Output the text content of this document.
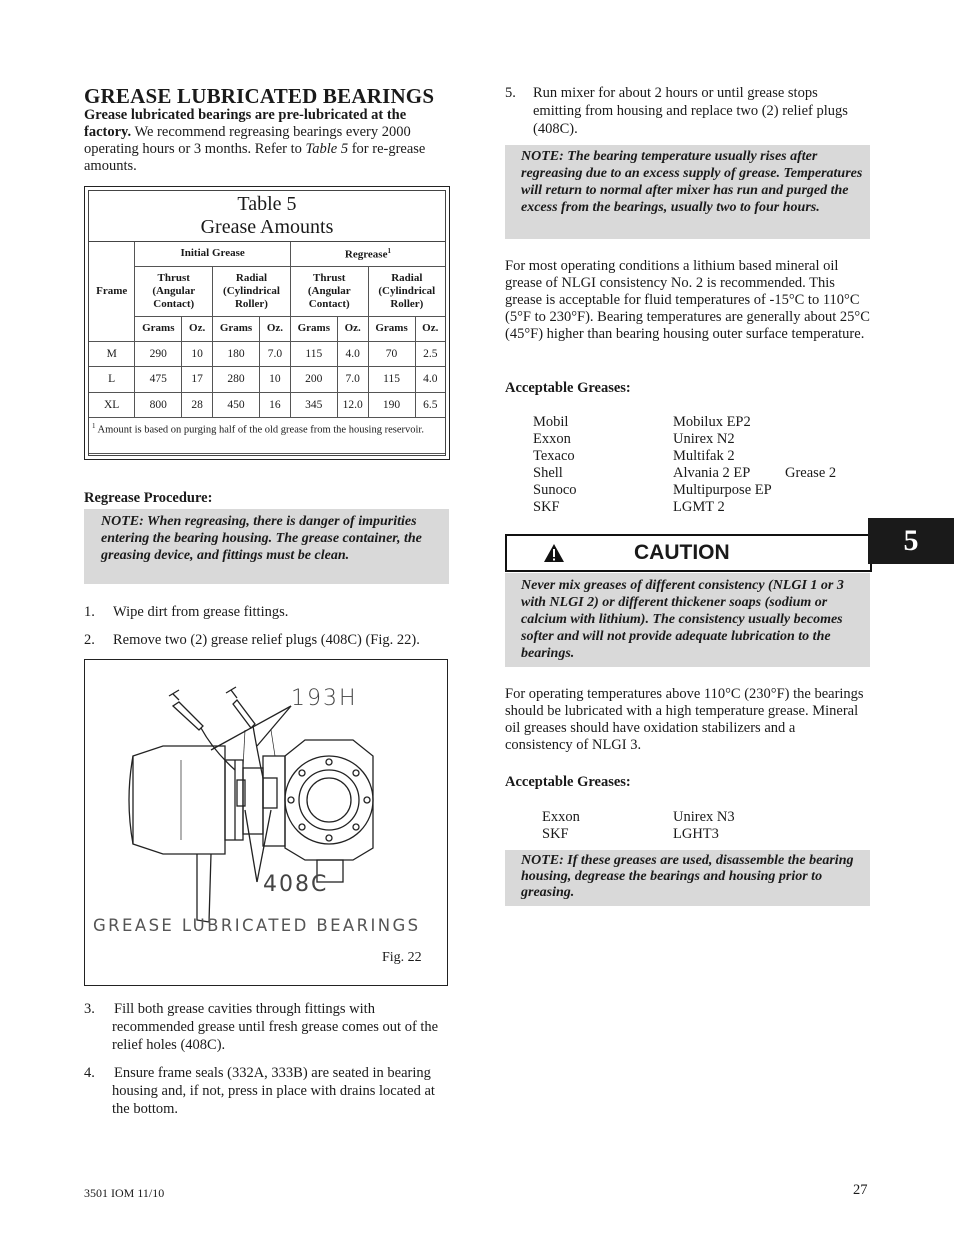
GREASE LUBRICATED BEARINGS

Grease lubricated bearings are pre-lubricated at the factory. We recommend regreasing bearings every 2000 operating hours or 3 months. Refer to Table 5 for re-grease amounts.

Table 5
Grease Amounts
Frame	Initial Grease				Regrease$^1$
	Thrust (Angular Contact)		Radial (Cylindrical Roller)		Thrust (Angular Contact)		Radial (Cylindrical Roller)	
	Grams	Oz.	Grams	Oz.	Grams	Oz.	Grams	Oz.
M	290	10	180	7.0	115	4.0	70	2.5
L	475	17	280	10	200	7.0	115	4.0
XL	800	28	450	16	345	12.0	190	6.5
$^1$ Amount is based on purging half of the old grease from the housing reservoir.								
Regrease Procedure:

NOTE: When regreasing, there is danger of impurities entering the bearing housing. The grease container, the greasing device, and fittings must be clean.

1. Wipe dirt from grease fittings.
2. Remove two (2) grease relief plugs (408C) (Fig. 22).
193H
408C
GREASE LUBRICATED BEARINGS
Fig. 22
3.	Fill both grease cavities through fittings with recommended grease until fresh grease comes out of the relief holes (408C).
4.	Ensure frame seals (332A, 333B) are seated in bearing housing and, if not, press in place with drains located at the bottom.
5.	Run mixer for about 2 hours or until grease stops emitting from housing and replace two (2) relief plugs (408C).

NOTE: The bearing temperature usually rises after regreasing due to an excess supply of grease. Temperatures will return to normal after mixer has run and purged the excess from the bearings, usually two to four hours.

For most operating conditions a lithium based mineral oil grease of NLGI consistency No. 2 is recommended. This grease is acceptable for fluid temperatures of -15°C to 110°C (5°F to 230°F). Bearing temperatures are generally about 25°C (45°F) higher than bearing housing outer surface temperature.

Acceptable Greases:
Mobil	Mobilux EP2	
Exxon	Unirex N2	
Texaco	Multifak 2	
Shell	Alvania 2 EP	Grease 2
Sunoco	Multipurpose EP	
SKF	LGMT 2	
CAUTION	5

Never mix greases of different consistency (NLGI 1 or 3 with NLGI 2) or different thickener soaps (sodium or calcium with lithium). The consistency usually becomes softer and will not provide adequate lubrication to the bearings.

For operating temperatures above 110°C (230°F) the bearings should be lubricated with a high temperature grease. Mineral oil greases should have oxidation stabilizers and a consistency of NLGI 3.

Acceptable Greases:
Exxon	Unirex N3
SKF	LGHT3

NOTE: If these greases are used, disassemble the bearing housing, degrease the bearings and housing prior to greasing.

3501 IOM 11/10	27
